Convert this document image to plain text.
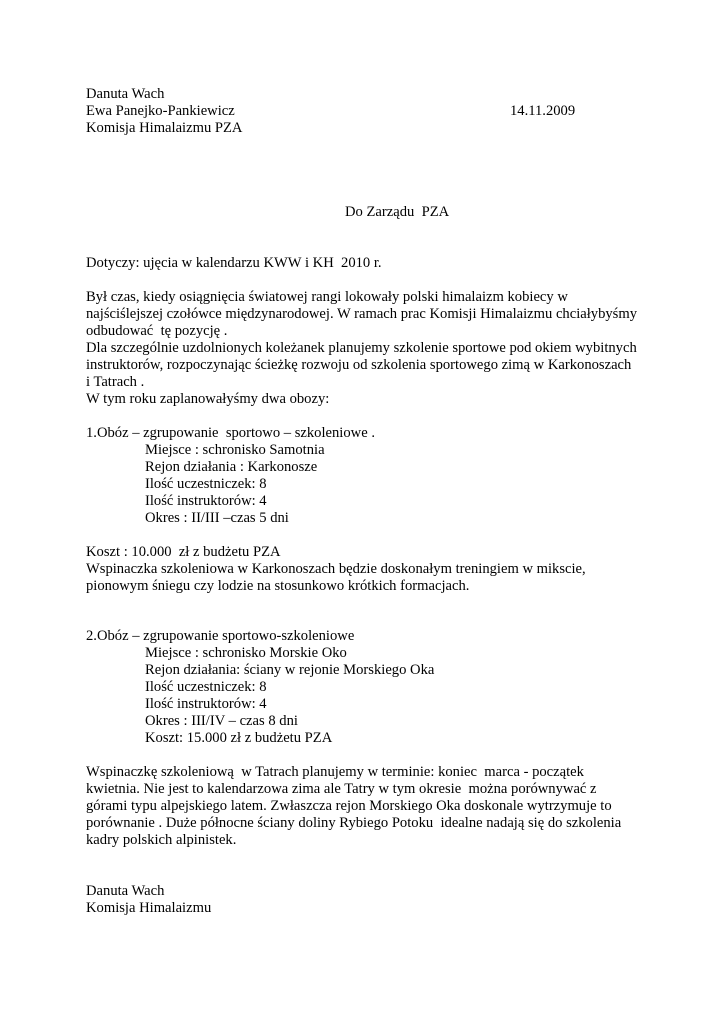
Danuta Wach
Ewa Panejko-Pankiewicz	14.11.2009
Komisja Himalaizmu PZA
Do Zarządu  PZA
Dotyczy: ujęcia w kalendarzu KWW i KH  2010 r.
Był czas, kiedy osiągnięcia światowej rangi lokowały polski himalaizm kobiecy w
najściślejszej czołówce międzynarodowej. W ramach prac Komisji Himalaizmu chciałybyśmy
odbudować  tę pozycję .
Dla szczególnie uzdolnionych koleżanek planujemy szkolenie sportowe pod okiem wybitnych
instruktorów, rozpoczynając ścieżkę rozwoju od szkolenia sportowego zimą w Karkonoszach
i Tatrach .
W tym roku zaplanowałyśmy dwa obozy:
1.Obóz – zgrupowanie  sportowo – szkoleniowe .
Miejsce : schronisko Samotnia
Rejon działania : Karkonosze
Ilość uczestniczek: 8
Ilość instruktorów: 4
Okres : II/III –czas 5 dni
Koszt : 10.000  zł z budżetu PZA
Wspinaczka szkoleniowa w Karkonoszach będzie doskonałym treningiem w mikscie,
pionowym śniegu czy lodzie na stosunkowo krótkich formacjach.
2.Obóz – zgrupowanie sportowo-szkoleniowe
Miejsce : schronisko Morskie Oko
Rejon działania: ściany w rejonie Morskiego Oka
Ilość uczestniczek: 8
Ilość instruktorów: 4
Okres : III/IV – czas 8 dni
Koszt: 15.000 zł z budżetu PZA
Wspinaczkę szkoleniową  w Tatrach planujemy w terminie: koniec  marca - początek
kwietnia. Nie jest to kalendarzowa zima ale Tatry w tym okresie  można porównywać z
górami typu alpejskiego latem. Zwłaszcza rejon Morskiego Oka doskonale wytrzymuje to
porównanie . Duże północne ściany doliny Rybiego Potoku  idealne nadają się do szkolenia
kadry polskich alpinistek.
Danuta Wach
Komisja Himalaizmu
